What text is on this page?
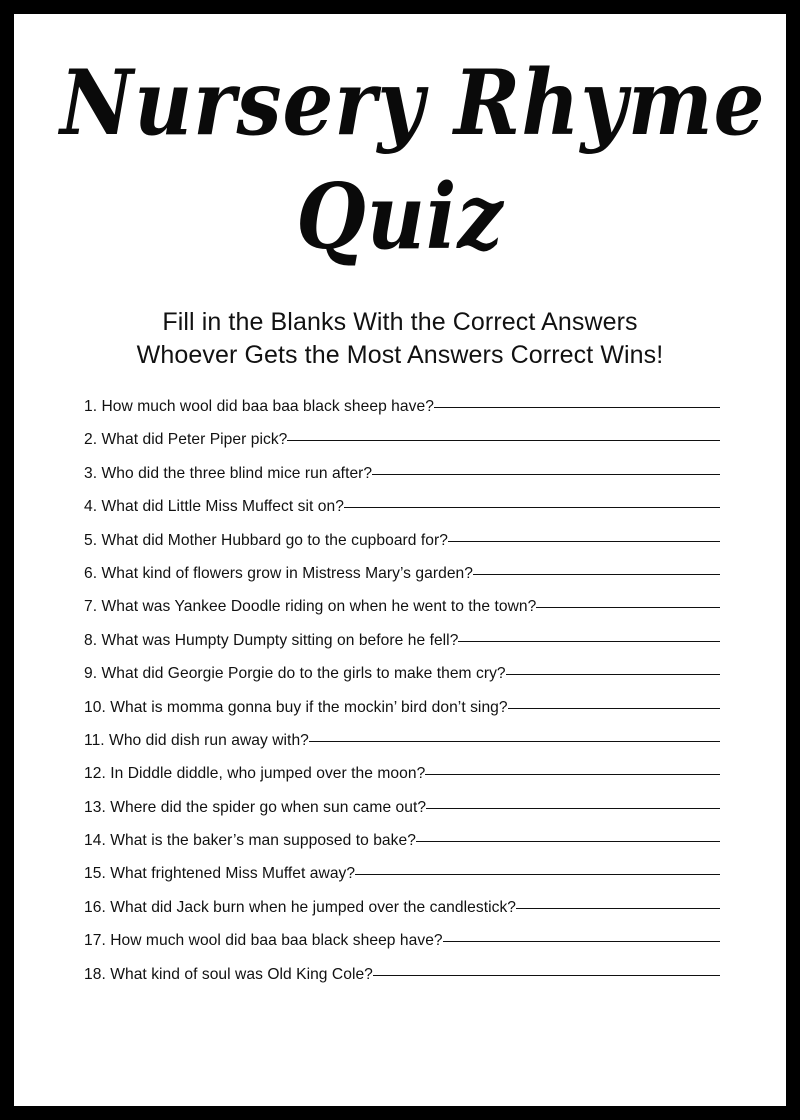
Nursery Rhyme
Quiz
Fill in the Blanks With the Correct Answers
Whoever Gets the Most Answers Correct Wins!
1. How much wool did baa baa black sheep have?
2. What did Peter Piper pick?
3. Who did the three blind mice run after?
4. What did Little Miss Muffect sit on?
5. What did Mother Hubbard go to the cupboard for?
6. What kind of flowers grow in Mistress Mary’s garden?
7. What was Yankee Doodle riding on when he went to the town?
8. What was Humpty Dumpty sitting on before he fell?
9. What did Georgie Porgie do to the girls to make them cry?
10. What is momma gonna buy if the mockin’ bird don’t sing?
11. Who did dish run away with?
12. In Diddle diddle, who jumped over the moon?
13. Where did the spider go when sun came out?
14. What is the baker’s man supposed to bake?
15. What frightened Miss Muffet away?
16. What did Jack burn when he jumped over the candlestick?
17. How much wool did baa baa black sheep have?
18. What kind of soul was Old King Cole?
